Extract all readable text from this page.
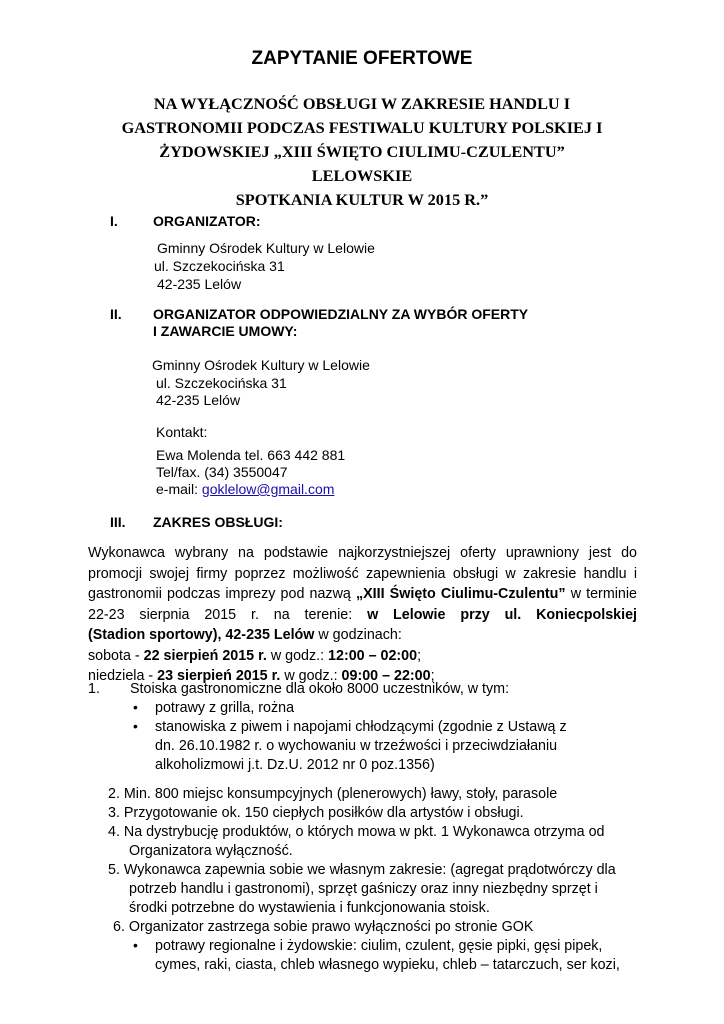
ZAPYTANIE OFERTOWE
NA WYŁĄCZNOŚĆ OBSŁUGI W ZAKRESIE HANDLU I
GASTRONOMII PODCZAS FESTIWALU KULTURY POLSKIEJ I
ŻYDOWSKIEJ „XIII ŚWIĘTO CIULIMU-CZULENTU” LELOWSKIE
SPOTKANIA KULTUR W 2015 R.”
I.	ORGANIZATOR:
Gminny Ośrodek Kultury w Lelowie
ul. Szczekocińska 31
42-235 Lelów
II. ORGANIZATOR ODPOWIEDZIALNY ZA WYBÓR OFERTY
I ZAWARCIE UMOWY:
Gminny Ośrodek Kultury w Lelowie
ul. Szczekocińska 31
42-235 Lelów
Kontakt:
Ewa Molenda tel. 663 442 881
Tel/fax. (34) 3550047
e-mail: goklelow@gmail.com
III. ZAKRES OBSŁUGI:
Wykonawca wybrany na podstawie najkorzystniejszej oferty uprawniony jest do
promocji swojej firmy poprzez możliwość zapewnienia obsługi w zakresie handlu i
gastronomii podczas imprezy pod nazwą „XIII Święto Ciulimu-Czulentu” w terminie
22-23 sierpnia 2015 r. na terenie: w Lelowie przy ul. Koniecpolskiej
(Stadion sportowy), 42-235 Lelów w godzinach:
sobota - 22 sierpień 2015 r. w godz.: 12:00 – 02:00;
niedziela - 23 sierpień 2015 r. w godz.: 09:00 – 22:00;
1. Stoiska gastronomiczne dla około 8000 uczestników, w tym:
• potrawy z grilla, rożna
• stanowiska z piwem i napojami chłodzącymi (zgodnie z Ustawą z
dn. 26.10.1982 r. o wychowaniu w trzeźwości i przeciwdziałaniu
alkoholizmowi j.t. Dz.U. 2012 nr 0 poz.1356)
2. Min. 800 miejsc konsumpcyjnych (plenerowych) ławy, stoły, parasole
3. Przygotowanie ok. 150 ciepłych posiłków dla artystów i obsługi.
4. Na dystrybucję produktów, o których mowa w pkt. 1 Wykonawca otrzyma od
Organizatora wyłączność.
5. Wykonawca zapewnia sobie we własnym zakresie: (agregat prądotwórczy dla
potrzeb handlu i gastronomi), sprzęt gaśniczy oraz inny niezbędny sprzęt i
środki potrzebne do wystawienia i funkcjonowania stoisk.
6. Organizator zastrzega sobie prawo wyłączności po stronie GOK
• potrawy regionalne i żydowskie: ciulim, czulent, gęsie pipki, gęsi pipek,
cymes, raki, ciasta, chleb własnego wypieku, chleb – tatarczuch, ser kozi,
